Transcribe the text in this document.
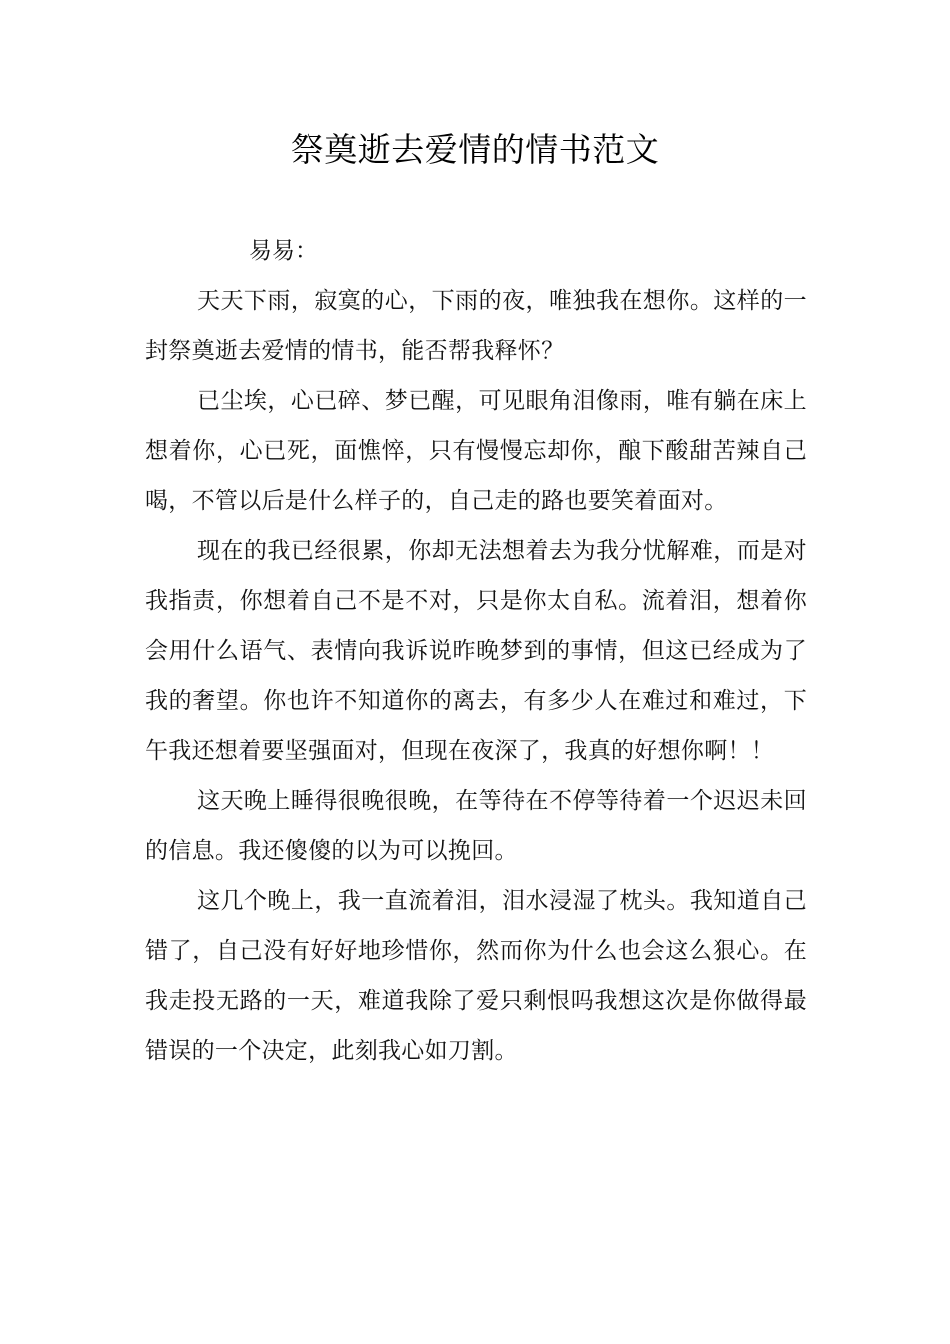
祭奠逝去爱情的情书范文

易易：

天天下雨，寂寞的心，下雨的夜，唯独我在想你。这样的一封祭奠逝去爱情的情书，能否帮我释怀？

已尘埃，心已碎、梦已醒，可见眼角泪像雨，唯有躺在床上想着你，心已死，面憔悴，只有慢慢忘却你，酿下酸甜苦辣自己喝，不管以后是什么样子的，自己走的路也要笑着面对。

现在的我已经很累，你却无法想着去为我分忧解难，而是对我指责，你想着自己不是不对，只是你太自私。流着泪，想着你会用什么语气、表情向我诉说昨晚梦到的事情，但这已经成为了我的奢望。你也许不知道你的离去，有多少人在难过和难过，下午我还想着要坚强面对，但现在夜深了，我真的好想你啊！！

这天晚上睡得很晚很晚，在等待在不停等待着一个迟迟未回的信息。我还傻傻的以为可以挽回。

这几个晚上，我一直流着泪，泪水浸湿了枕头。我知道自己错了，自己没有好好地珍惜你，然而你为什么也会这么狠心。在我走投无路的一天，难道我除了爱只剩恨吗我想这次是你做得最错误的一个决定，此刻我心如刀割。
